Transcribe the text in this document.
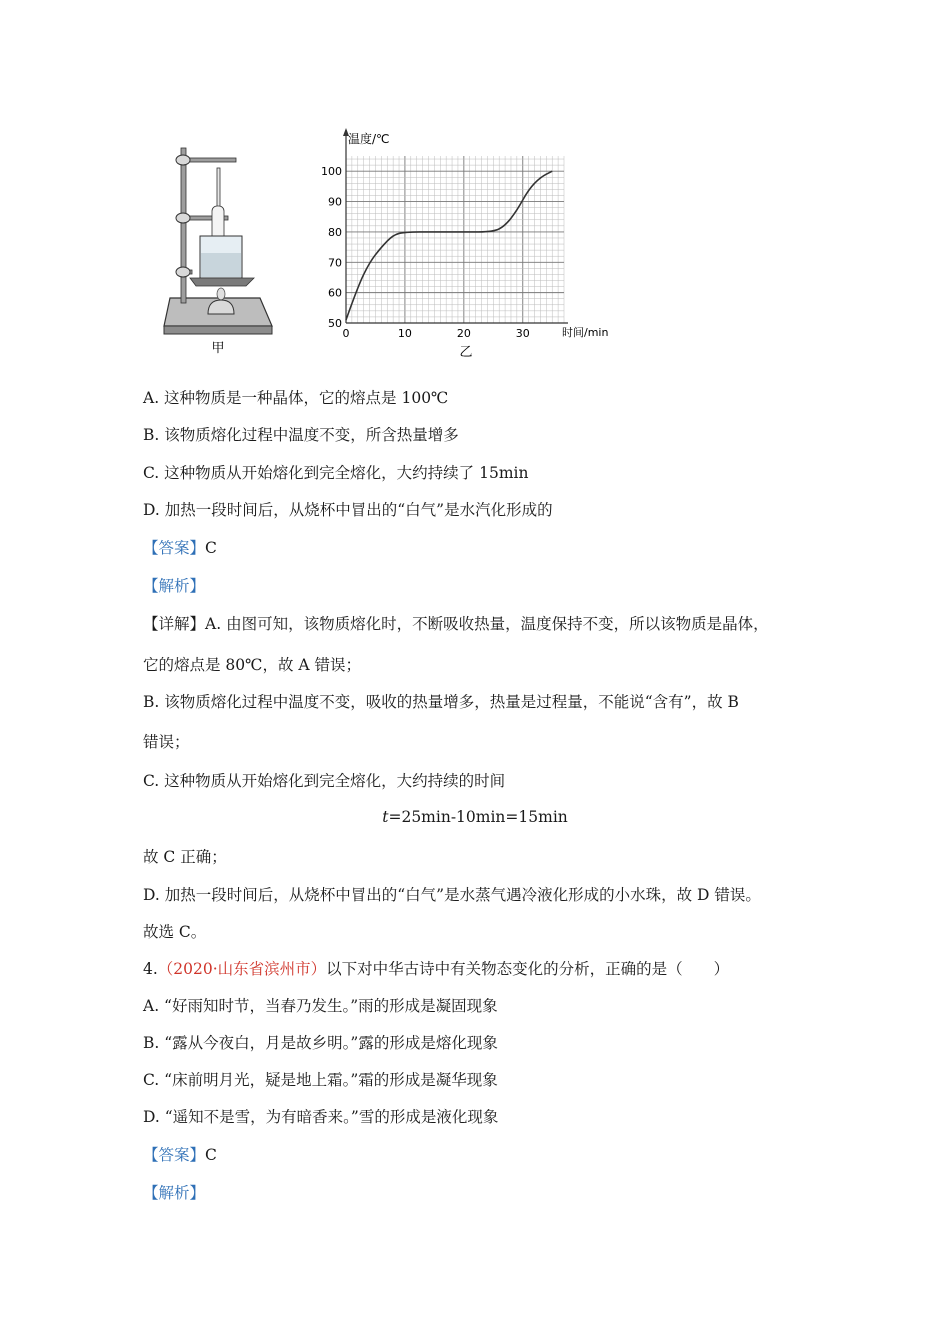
甲
0	10	20	30
50
60
70
80
90
100
温度/℃
时间/min
乙
A. 这种物质是一种晶体，它的熔点是 100℃
B. 该物质熔化过程中温度不变，所含热量增多
C. 这种物质从开始熔化到完全熔化，大约持续了 15min
D. 加热一段时间后，从烧杯中冒出的“白气”是水汽化形成的
【答案】C
【解析】
【详解】A. 由图可知，该物质熔化时，不断吸收热量，温度保持不变，所以该物质是晶体，
它的熔点是 80℃，故 A 错误；
B. 该物质熔化过程中温度不变，吸收的热量增多，热量是过程量，不能说“含有”，故 B
错误；
C. 这种物质从开始熔化到完全熔化，大约持续的时间
t=25min-10min=15min
故 C 正确；
D. 加热一段时间后，从烧杯中冒出的“白气”是水蒸气遇冷液化形成的小水珠，故 D 错误。
故选 C。
4.（2020·山东省滨州市）以下对中华古诗中有关物态变化的分析，正确的是（　　）
A. “好雨知时节，当春乃发生。”雨的形成是凝固现象
B. “露从今夜白，月是故乡明。”露的形成是熔化现象
C. “床前明月光，疑是地上霜。”霜的形成是凝华现象
D. “遥知不是雪，为有暗香来。”雪的形成是液化现象
【答案】C
【解析】
